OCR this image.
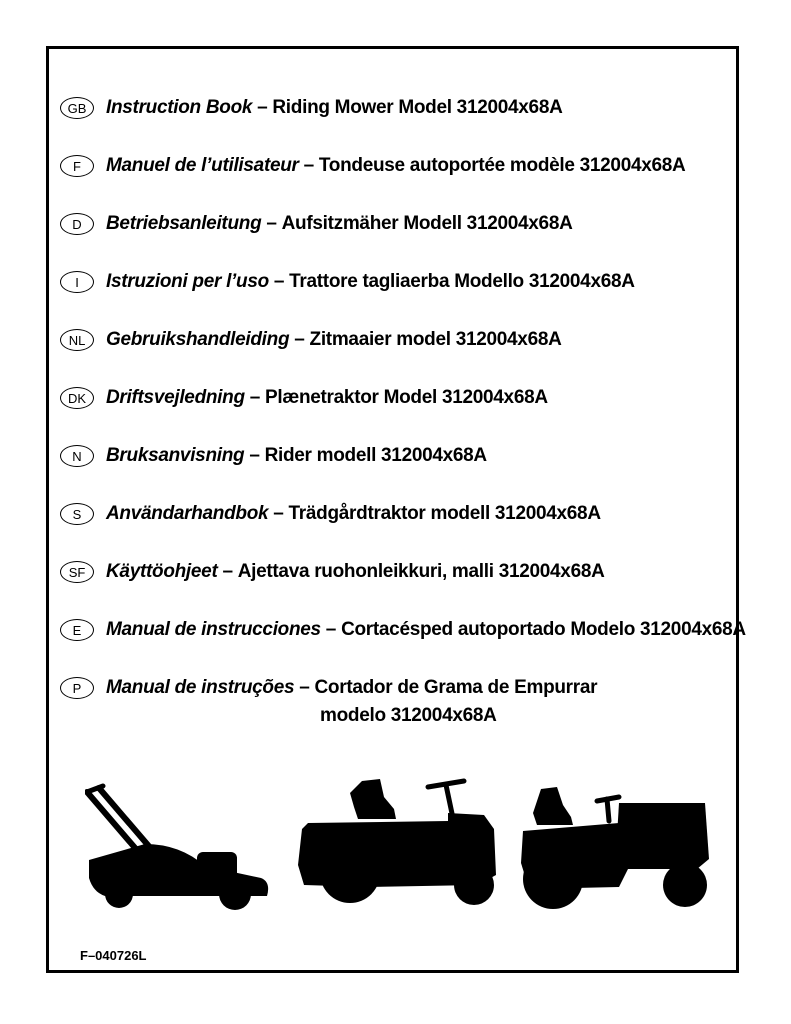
GB	Instruction Book – Riding Mower Model 312004x68A
F	Manuel de l’utilisateur – Tondeuse autoportée modèle 312004x68A
D	Betriebsanleitung – Aufsitzmäher Modell 312004x68A
I	Istruzioni per l’uso – Trattore tagliaerba Modello 312004x68A
NL	Gebruikshandleiding – Zitmaaier model 312004x68A
DK	Driftsvejledning – Plænetraktor Model 312004x68A
N	Bruksanvisning – Rider modell 312004x68A
S	Användarhandbok – Trädgårdtraktor modell 312004x68A
SF	Käyttöohjeet – Ajettava ruohonleikkuri, malli 312004x68A
E	Manual de instrucciones – Cortacésped autoportado Modelo 312004x68A
P	Manual de instruções – Cortador de Grama de Empurrar
modelo 312004x68A
F–040726L
